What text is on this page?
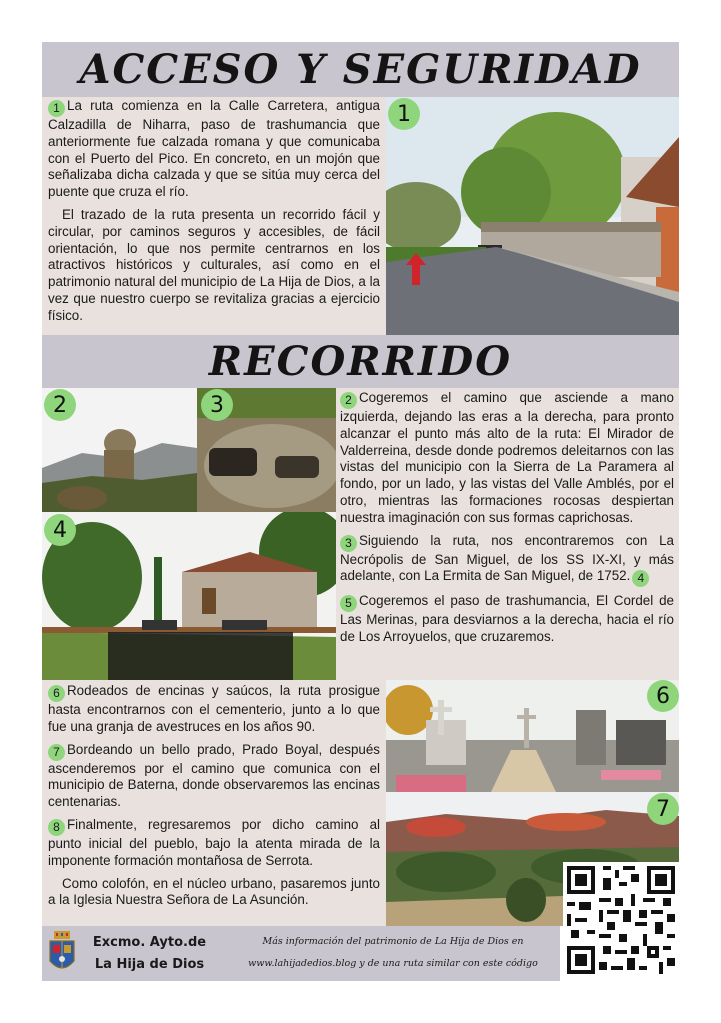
ACCESO Y SEGURIDAD

1 La ruta comienza en la Calle Carretera, antigua Calzadilla de Niharra, paso de trashumancia que anteriormente fue calzada romana y que comunicaba con el Puerto del Pico. En concreto, en un mojón que señalizaba dicha calzada y que se sitúa muy cerca del puente que cruza el río.

El trazado de la ruta presenta un recorrido fácil y circular, por caminos seguros y accesibles, de fácil orientación, lo que nos permite centrarnos en los atractivos históricos y culturales, así como en el patrimonio natural del municipio de La Hija de Dios, a la vez que nuestro cuerpo se revitaliza gracias a ejercicio físico.

1
RECORRIDO
2	3
4

2 Cogeremos el camino que asciende a mano izquierda, dejando las eras a la derecha, para pronto alcanzar el punto más alto de la ruta: El Mirador de Valderreina, desde donde podremos deleitarnos con las vistas del municipio con la Sierra de La Paramera al fondo, por un lado, y las vistas del Valle Amblés, por el otro, mientras las formaciones rocosas despiertan nuestra imaginación con sus formas caprichosas.

3 Siguiendo la ruta, nos encontraremos con La Necrópolis de San Miguel, de los SS IX-XI, y más adelante, con La Ermita de San Miguel, de 1752. 4

5 Cogeremos el paso de trashumancia, El Cordel de Las Merinas, para desviarnos a la derecha, hacia el río de Los Arroyuelos, que cruzaremos.

6 Rodeados de encinas y saúcos, la ruta prosigue hasta encontrarnos con el cementerio, junto a lo que fue una granja de avestruces en los años 90.

7 Bordeando un bello prado, Prado Boyal, después ascenderemos por el camino que comunica con el municipio de Baterna, donde observaremos las encinas centenarias.

8 Finalmente, regresaremos por dicho camino al punto inicial del pueblo, bajo la atenta mirada de la imponente formación montañosa de Serrota.

Como colofón, en el núcleo urbano, pasaremos junto a la Iglesia Nuestra Señora de La Asunción.

6
7
Excmo. Ayto.de
La Hija de Dios
Más información del patrimonio de La Hija de Dios en
www.lahijadedios.blog y de una ruta similar con este código
